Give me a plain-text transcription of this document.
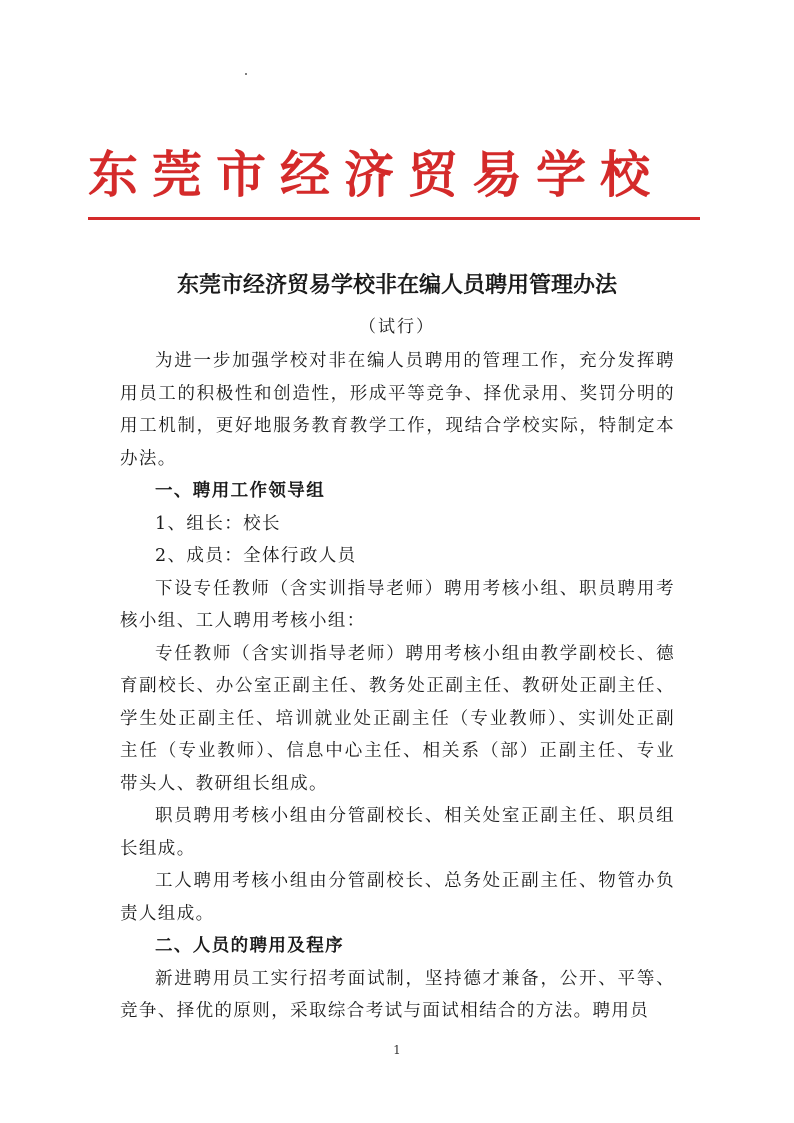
东莞市经济贸易学校
东莞市经济贸易学校非在编人员聘用管理办法
（试行）

为进一步加强学校对非在编人员聘用的管理工作，充分发挥聘用员工的积极性和创造性，形成平等竞争、择优录用、奖罚分明的用工机制，更好地服务教育教学工作，现结合学校实际，特制定本办法。

一、聘用工作领导组

1、组长：校长

2、成员：全体行政人员

下设专任教师（含实训指导老师）聘用考核小组、职员聘用考核小组、工人聘用考核小组：

专任教师（含实训指导老师）聘用考核小组由教学副校长、德育副校长、办公室正副主任、教务处正副主任、教研处正副主任、学生处正副主任、培训就业处正副主任（专业教师）、实训处正副主任（专业教师）、信息中心主任、相关系（部）正副主任、专业带头人、教研组长组成。

职员聘用考核小组由分管副校长、相关处室正副主任、职员组长组成。

工人聘用考核小组由分管副校长、总务处正副主任、物管办负责人组成。

二、人员的聘用及程序

新进聘用员工实行招考面试制，坚持德才兼备，公开、平等、竞争、择优的原则，采取综合考试与面试相结合的方法。聘用员

1
